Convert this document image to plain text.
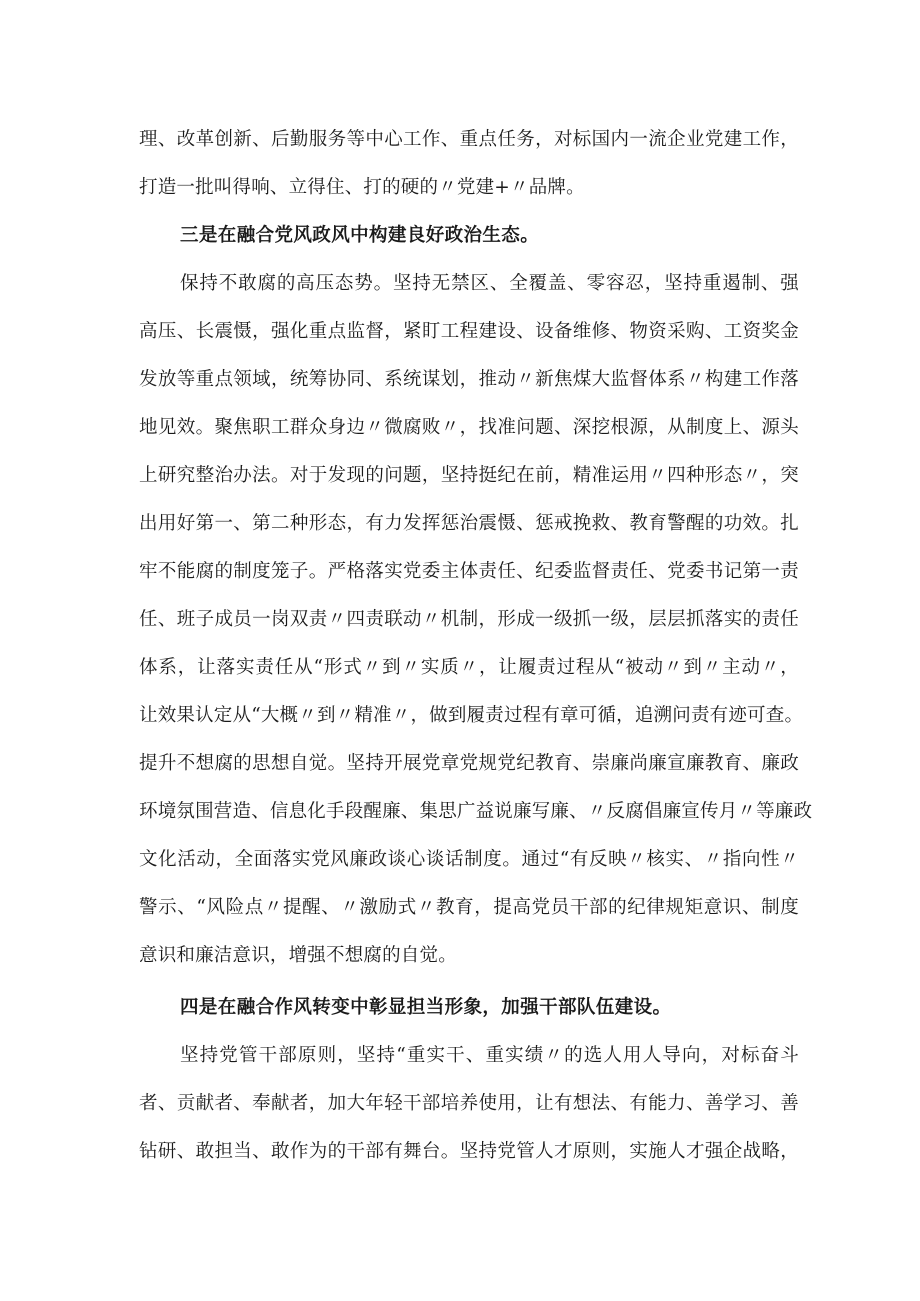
理、改革创新、后勤服务等中心工作、重点任务，对标国内一流企业党建工作，
打造一批叫得响、立得住、打的硬的〃党建+〃品牌。
三是在融合党风政风中构建良好政治生态。
保持不敢腐的高压态势。坚持无禁区、全覆盖、零容忍，坚持重遏制、强
高压、长震慑，强化重点监督，紧盯工程建设、设备维修、物资采购、工资奖金
发放等重点领域，统筹协同、系统谋划，推动〃新焦煤大监督体系〃构建工作落
地见效。聚焦职工群众身边〃微腐败〃，找准问题、深挖根源，从制度上、源头
上研究整治办法。对于发现的问题，坚持挺纪在前，精准运用〃四种形态〃，突
出用好第一、第二种形态，有力发挥惩治震慑、惩戒挽救、教育警醒的功效。扎
牢不能腐的制度笼子。严格落实党委主体责任、纪委监督责任、党委书记第一责
任、班子成员一岗双责〃四责联动〃机制，形成一级抓一级，层层抓落实的责任
体系，让落实责任从“形式〃到〃实质〃，让履责过程从“被动〃到〃主动〃，
让效果认定从“大概〃到〃精准〃，做到履责过程有章可循，追溯问责有迹可查。
提升不想腐的思想自觉。坚持开展党章党规党纪教育、崇廉尚廉宣廉教育、廉政
环境氛围营造、信息化手段醒廉、集思广益说廉写廉、〃反腐倡廉宣传月〃等廉政
文化活动，全面落实党风廉政谈心谈话制度。通过“有反映〃核实、〃指向性〃
警示、“风险点〃提醒、〃激励式〃教育，提高党员干部的纪律规矩意识、制度
意识和廉洁意识，增强不想腐的自觉。
四是在融合作风转变中彰显担当形象，加强干部队伍建设。
坚持党管干部原则，坚持“重实干、重实绩〃的选人用人导向，对标奋斗
者、贡献者、奉献者，加大年轻干部培养使用，让有想法、有能力、善学习、善
钻研、敢担当、敢作为的干部有舞台。坚持党管人才原则，实施人才强企战略，
